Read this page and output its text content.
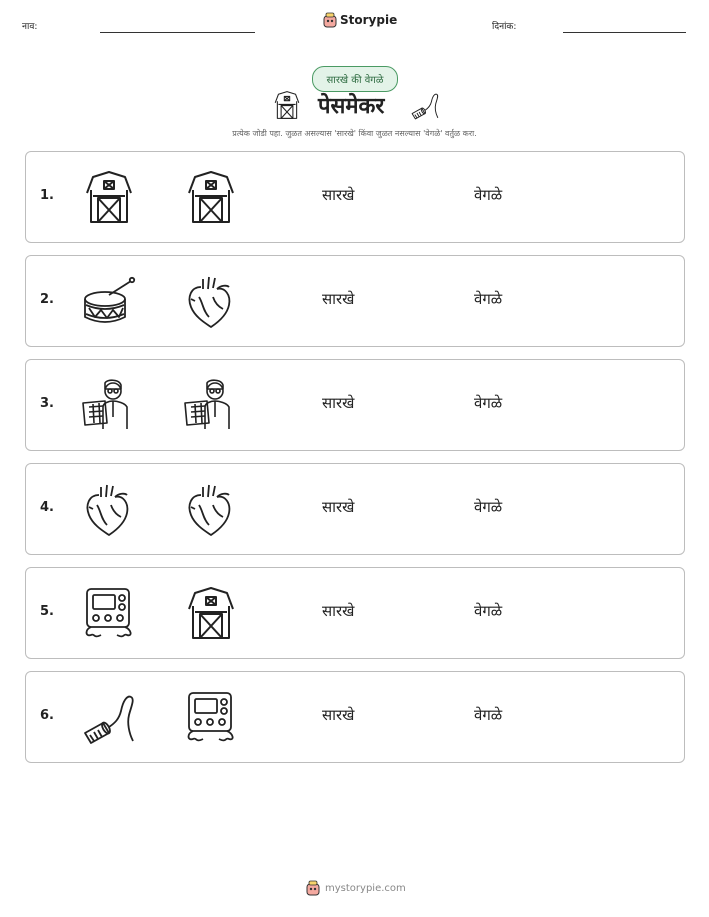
नाव:	Storypie	दिनांक:
सारखे की वेगळे
पेसमेकर
प्रत्येक जोडी पहा. जुळत असल्यास 'सारखे' किंवा जुळत नसल्यास 'वेगळे' वर्तुळ करा.
1.	सारखे	वेगळे
2.	सारखे	वेगळे
3.	सारखे	वेगळे
4.	सारखे	वेगळे
5.	सारखे	वेगळे
6.	सारखे	वेगळे
mystorypie.com
